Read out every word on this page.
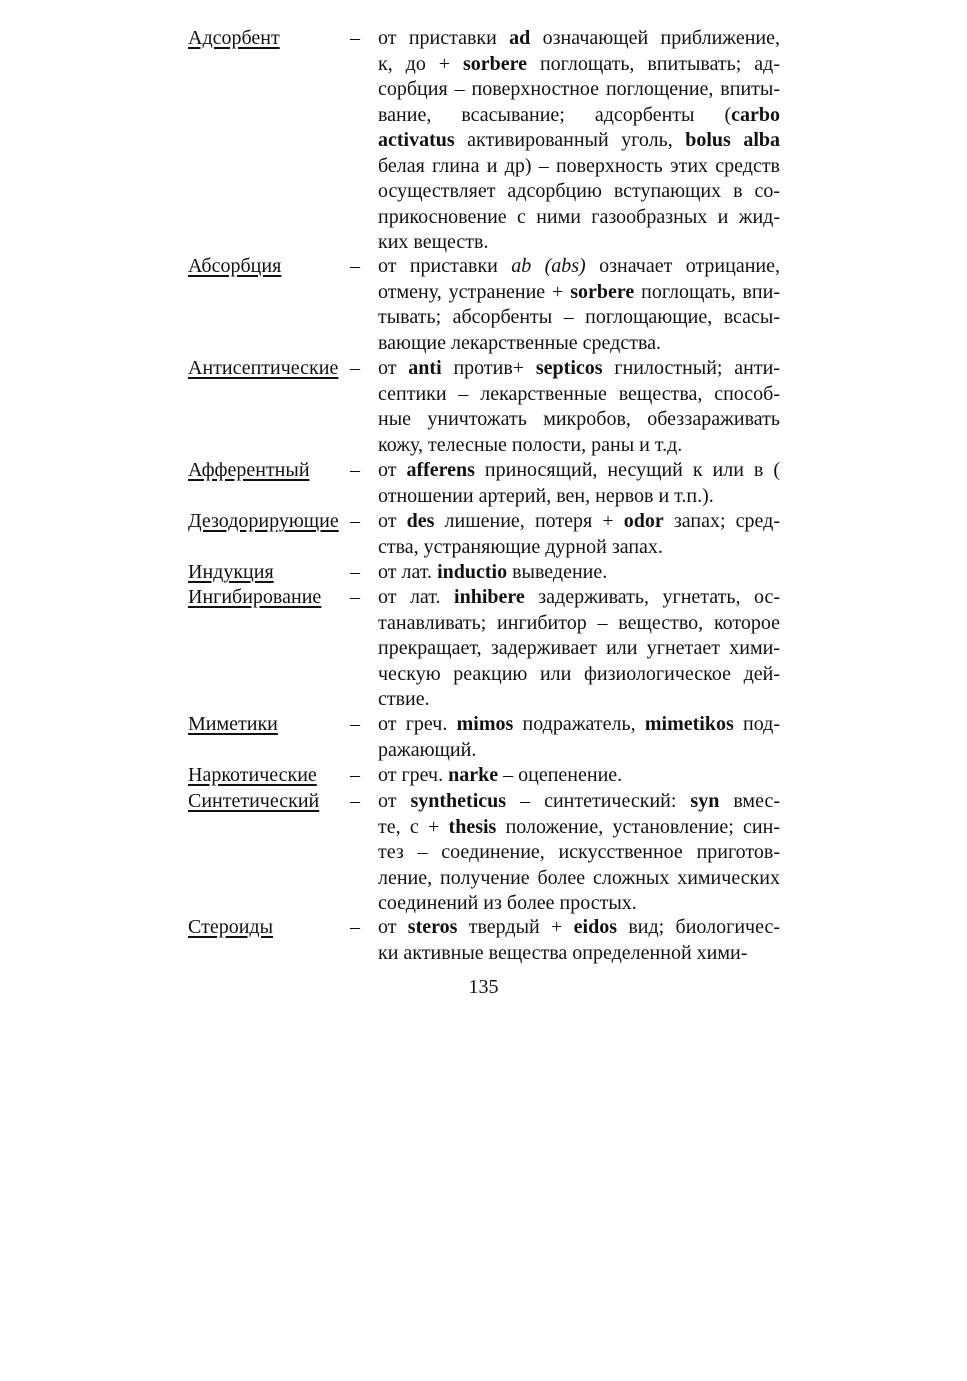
Адсорбент	– от приставки ad означающей приближение,
к, до + sorbere поглощать, впитывать; ад-
сорбция – поверхностное поглощение, впиты-
вание, всасывание; адсорбенты (carbo
activatus активированный уголь, bolus alba
белая глина и др) – поверхность этих средств
осуществляет адсорбцию вступающих в со-
прикосновение с ними газообразных и жид-
ких веществ.
Абсорбция	– от приставки ab (abs) означает отрицание,
отмену, устранение + sorbere поглощать, впи-
тывать; абсорбенты – поглощающие, всасы-
вающие лекарственные средства.
Антисептические – от anti против+ septicos гнилостный; анти-
септики – лекарственные вещества, способ-
ные уничтожать микробов, обеззараживать
кожу, телесные полости, раны и т.д.
Афферентный – от afferens приносящий, несущий к или в (
отношении артерий, вен, нервов и т.п.).
Дезодорирующие – от des лишение, потеря + odor запах; сред-
ства, устраняющие дурной запах.
Индукция	– от лат. inductio выведение.
Ингибирование – от лат. inhibere задерживать, угнетать, ос-
танавливать; ингибитор – вещество, которое
прекращает, задерживает или угнетает хими-
ческую реакцию или физиологическое дей-
ствие.
Миметики	– от греч. mimos подражатель, mimetikos под-
ражающий.
Наркотические – от греч. narke – оцепенение.
Синтетический – от syntheticus – синтетический: syn вмес-
те, с + thesis положение, установление; син-
тез – соединение, искусственное приготов-
ление, получение более сложных химических
соединений из более простых.
Стероиды	– от steros твердый + eidos вид; биологичес-
ки активные вещества определенной хими-
135
